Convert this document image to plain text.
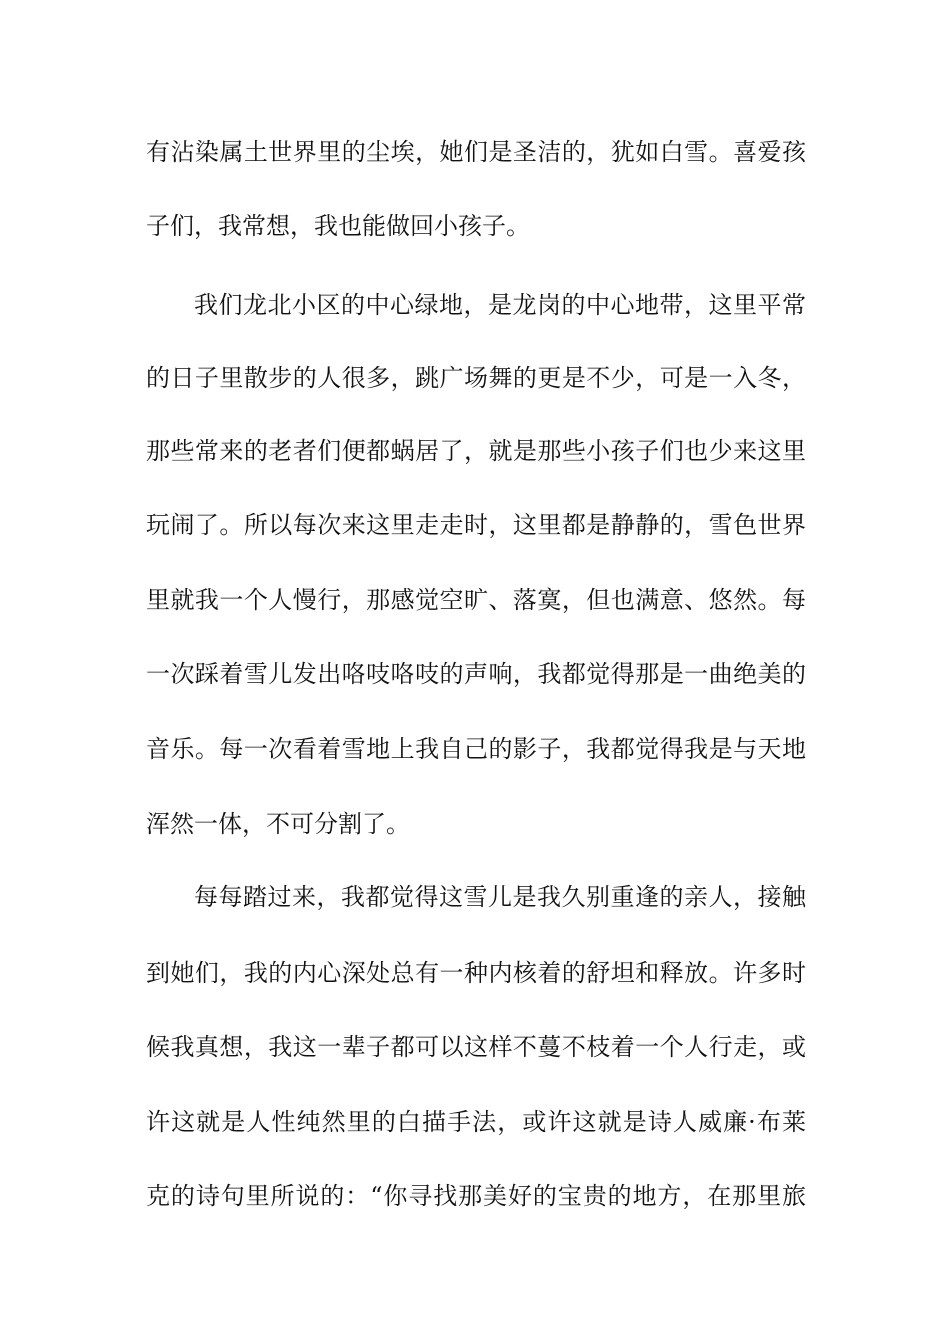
有沾染属土世界里的尘埃，她们是圣洁的，犹如白雪。喜爱孩

子们，我常想，我也能做回小孩子。

我们龙北小区的中心绿地，是龙岗的中心地带，这里平常

的日子里散步的人很多，跳广场舞的更是不少，可是一入冬，

那些常来的老者们便都蜗居了，就是那些小孩子们也少来这里

玩闹了。所以每次来这里走走时，这里都是静静的，雪色世界

里就我一个人慢行，那感觉空旷、落寞，但也满意、悠然。每

一次踩着雪儿发出咯吱咯吱的声响，我都觉得那是一曲绝美的

音乐。每一次看着雪地上我自己的影子，我都觉得我是与天地

浑然一体，不可分割了。

每每踏过来，我都觉得这雪儿是我久别重逢的亲人，接触

到她们，我的内心深处总有一种内核着的舒坦和释放。许多时

候我真想，我这一辈子都可以这样不蔓不枝着一个人行走，或

许这就是人性纯然里的白描手法，或许这就是诗人威廉·布莱

克的诗句里所说的：“你寻找那美好的宝贵的地方，在那里旅
